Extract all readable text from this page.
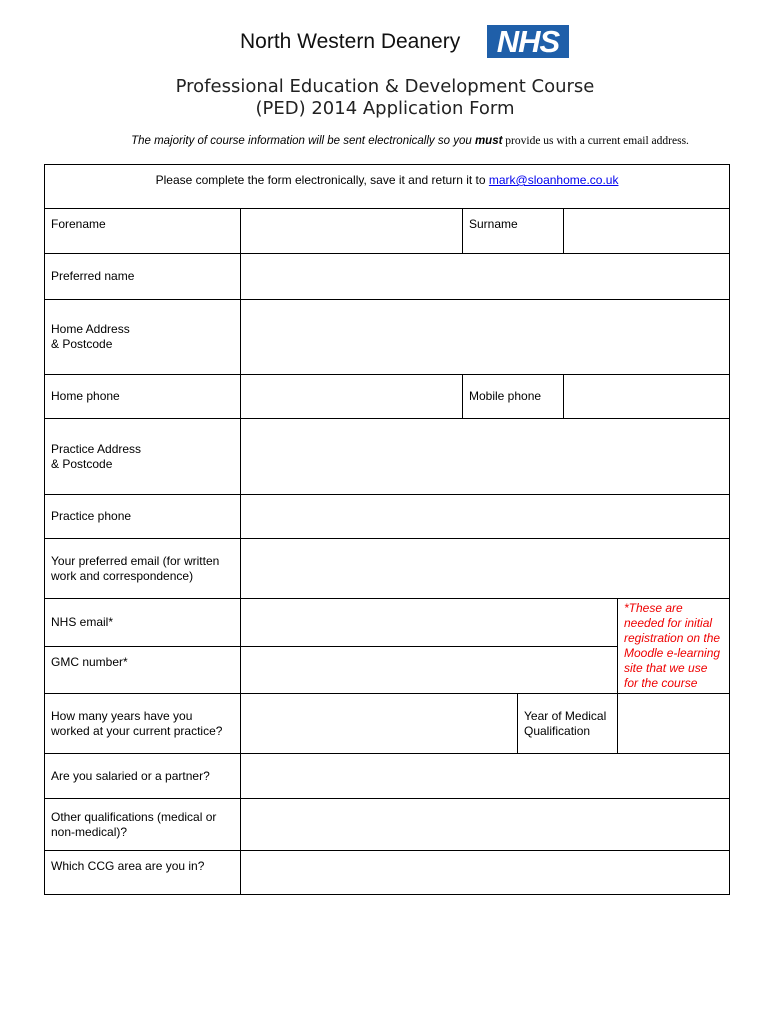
North Western Deanery	NHS
Professional Education & Development Course
(PED) 2014 Application Form
The majority of course information will be sent electronically so you must provide us with a current email address.
Please complete the form electronically, save it and return it to mark@sloanhome.co.uk					
Forename		Surname			
Preferred name					

Home Address
& Postcode					

Home phone		Mobile phone			

Practice Address
& Postcode					

Practice phone					
Your preferred email (for written work and correspondence)					
NHS email*					*These are needed for initial registration on the Moodle e-learning site that we use for the course
GMC number*					
How many years have you worked at your current practice?			Year of Medical Qualification		
Are you salaried or a partner?					
Other qualifications (medical or non-medical)?					
Which CCG area are you in?					
